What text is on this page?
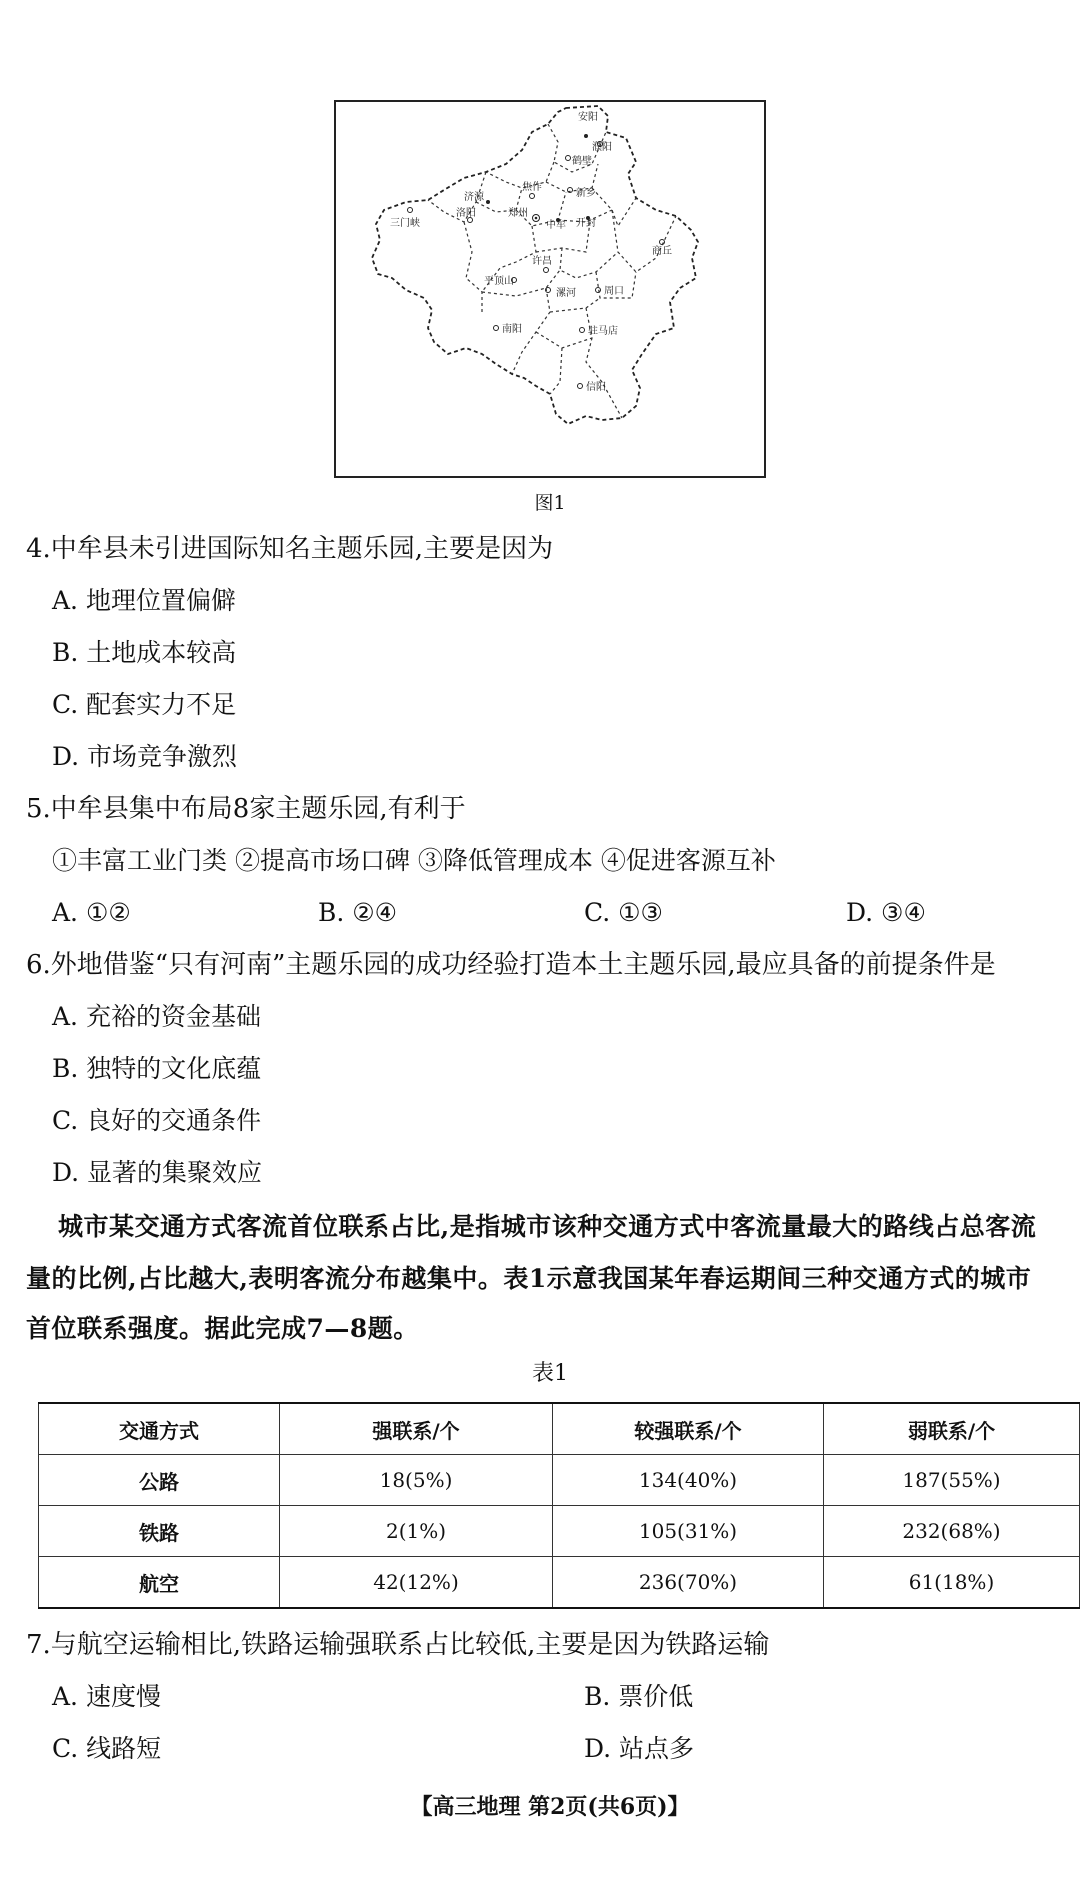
安阳
濮阳
鹤壁
新乡
焦作
济源
洛阳	郑州
中牟 开封
三门峡
商丘
许昌
平顶山
漯河	周口
南阳	驻马店
信阳
图1
4.中牟县未引进国际知名主题乐园,主要是因为
A. 地理位置偏僻
B. 土地成本较高
C. 配套实力不足
D. 市场竞争激烈
5.中牟县集中布局8家主题乐园,有利于
①丰富工业门类 ②提高市场口碑 ③降低管理成本 ④促进客源互补
A. ①②	B. ②④	C. ①③	D. ③④
6.外地借鉴“只有河南”主题乐园的成功经验打造本土主题乐园,最应具备的前提条件是
A. 充裕的资金基础
B. 独特的文化底蕴
C. 良好的交通条件
D. 显著的集聚效应
城市某交通方式客流首位联系占比,是指城市该种交通方式中客流量最大的路线占总客流
量的比例,占比越大,表明客流分布越集中。表1示意我国某年春运期间三种交通方式的城市
首位联系强度。据此完成7—8题。
表1
交通方式	强联系/个	较强联系/个	弱联系/个
公路	18(5%)	134(40%)	187(55%)
铁路	2(1%)	105(31%)	232(68%)
航空	42(12%)	236(70%)	61(18%)
7.与航空运输相比,铁路运输强联系占比较低,主要是因为铁路运输
A. 速度慢	B. 票价低
C. 线路短	D. 站点多
【高三地理 第2页(共6页)】
